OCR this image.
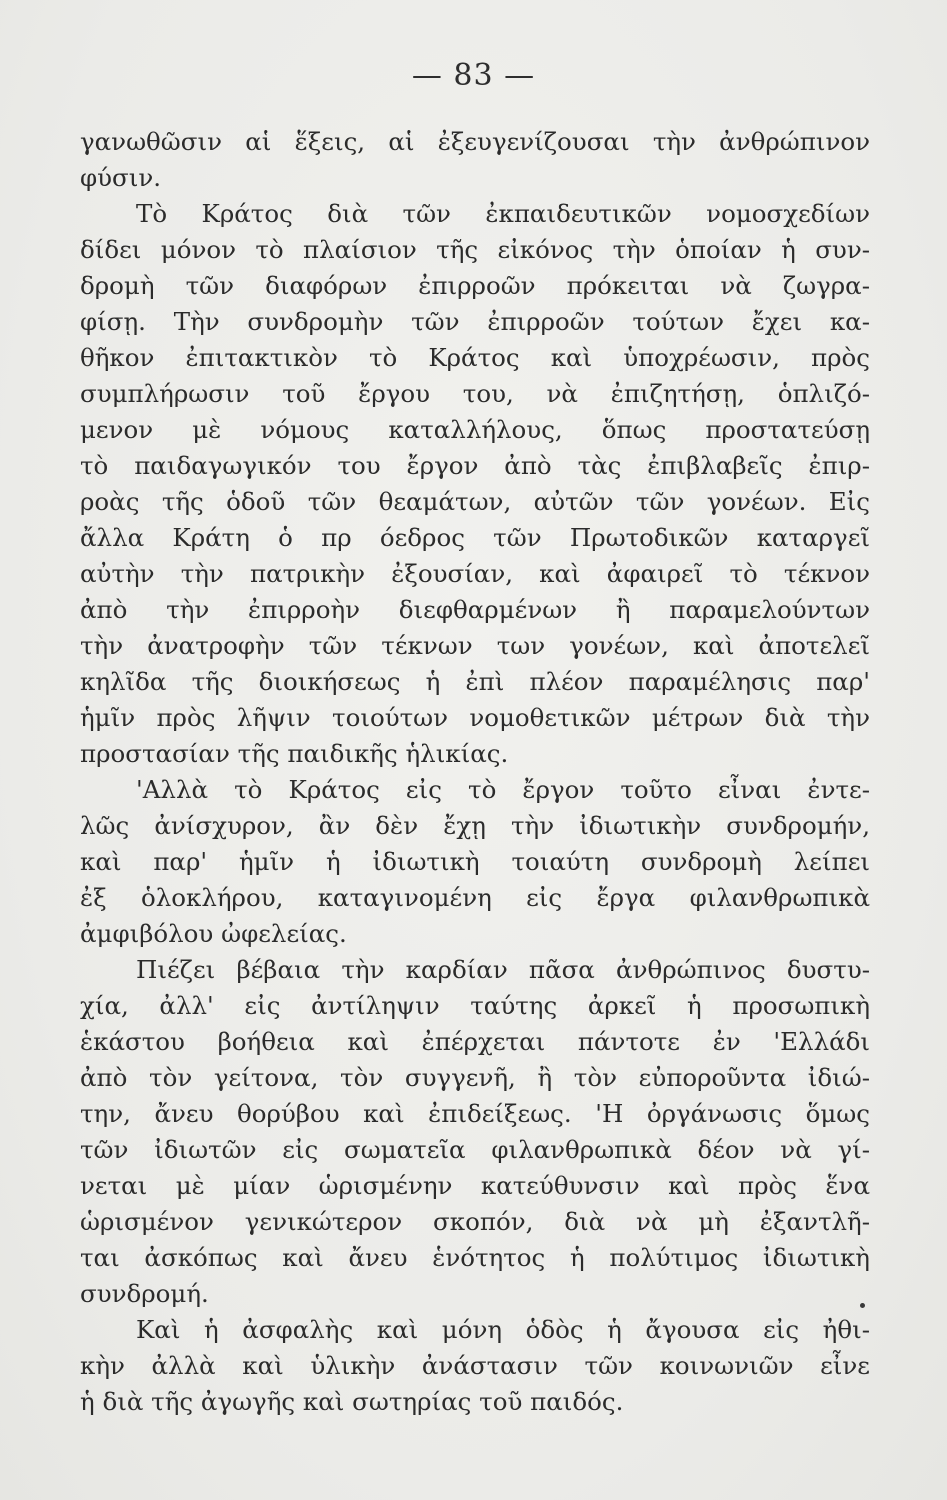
— 83 —
γανωθῶσιν αἱ ἕξεις, αἱ ἐξευγενίζουσαι τὴν ἀνθρώπινον
φύσιν.
Τὸ Κράτος διὰ τῶν ἐκπαιδευτικῶν νομοσχεδίων
δίδει μόνον τὸ πλαίσιον τῆς εἰκόνος τὴν ὁποίαν ἡ συν-
δρομὴ τῶν διαφόρων ἐπιρροῶν πρόκειται νὰ ζωγρα-
φίσῃ. Τὴν συνδρομὴν τῶν ἐπιρροῶν τούτων ἔχει κα-
θῆκον ἐπιτακτικὸν τὸ Κράτος καὶ ὑποχρέωσιν, πρὸς
συμπλήρωσιν τοῦ ἔργου του, νὰ ἐπιζητήσῃ, ὁπλιζό-
μενον μὲ νόμους καταλλήλους, ὅπως προστατεύσῃ
τὸ παιδαγωγικόν του ἔργον ἀπὸ τὰς ἐπιβλαβεῖς ἐπιρ-
ροὰς τῆς ὁδοῦ τῶν θεαμάτων, αὐτῶν τῶν γονέων. Εἰς
ἄλλα Κράτη ὁ πρ όεδρος τῶν Πρωτοδικῶν καταργεῖ
αὐτὴν τὴν πατρικὴν ἐξουσίαν, καὶ ἀφαιρεῖ τὸ τέκνον
ἀπὸ τὴν ἐπιρροὴν διεφθαρμένων ἢ παραμελούντων
τὴν ἀνατροφὴν τῶν τέκνων των γονέων, καὶ ἀποτελεῖ
κηλῖδα τῆς διοικήσεως ἡ ἐπὶ πλέον παραμέλησις παρ'
ἡμῖν πρὸς λῆψιν τοιούτων νομοθετικῶν μέτρων διὰ τὴν
προστασίαν τῆς παιδικῆς ἡλικίας.
'Αλλὰ τὸ Κράτος εἰς τὸ ἔργον τοῦτο εἶναι ἐντε-
λῶς ἀνίσχυρον, ἂν δὲν ἔχῃ τὴν ἰδιωτικὴν συνδρομήν,
καὶ παρ' ἡμῖν ἡ ἰδιωτικὴ τοιαύτη συνδρομὴ λείπει
ἐξ ὁλοκλήρου, καταγινομένη εἰς ἔργα φιλανθρωπικὰ
ἀμφιβόλου ὠφελείας.
Πιέζει βέβαια τὴν καρδίαν πᾶσα ἀνθρώπινος δυστυ-
χία, ἀλλ' εἰς ἀντίληψιν ταύτης ἀρκεῖ ἡ προσωπικὴ
ἑκάστου βοήθεια καὶ ἐπέρχεται πάντοτε ἐν 'Ελλάδι
ἀπὸ τὸν γείτονα, τὸν συγγενῆ, ἢ τὸν εὐποροῦντα ἰδιώ-
την, ἄνευ θορύβου καὶ ἐπιδείξεως. 'Η ὀργάνωσις ὅμως
τῶν ἰδιωτῶν εἰς σωματεῖα φιλανθρωπικὰ δέον νὰ γί-
νεται μὲ μίαν ὡρισμένην κατεύθυνσιν καὶ πρὸς ἕνα
ὡρισμένον γενικώτερον σκοπόν, διὰ νὰ μὴ ἐξαντλῆ-
ται ἀσκόπως καὶ ἄνευ ἑνότητος ἡ πολύτιμος ἰδιωτικὴ
συνδρομή.
Καὶ ἡ ἀσφαλὴς καὶ μόνη ὁδὸς ἡ ἄγουσα εἰς ἠθι-
κὴν ἀλλὰ καὶ ὑλικὴν ἀνάστασιν τῶν κοινωνιῶν εἶνε
ἡ διὰ τῆς ἀγωγῆς καὶ σωτηρίας τοῦ παιδός.
